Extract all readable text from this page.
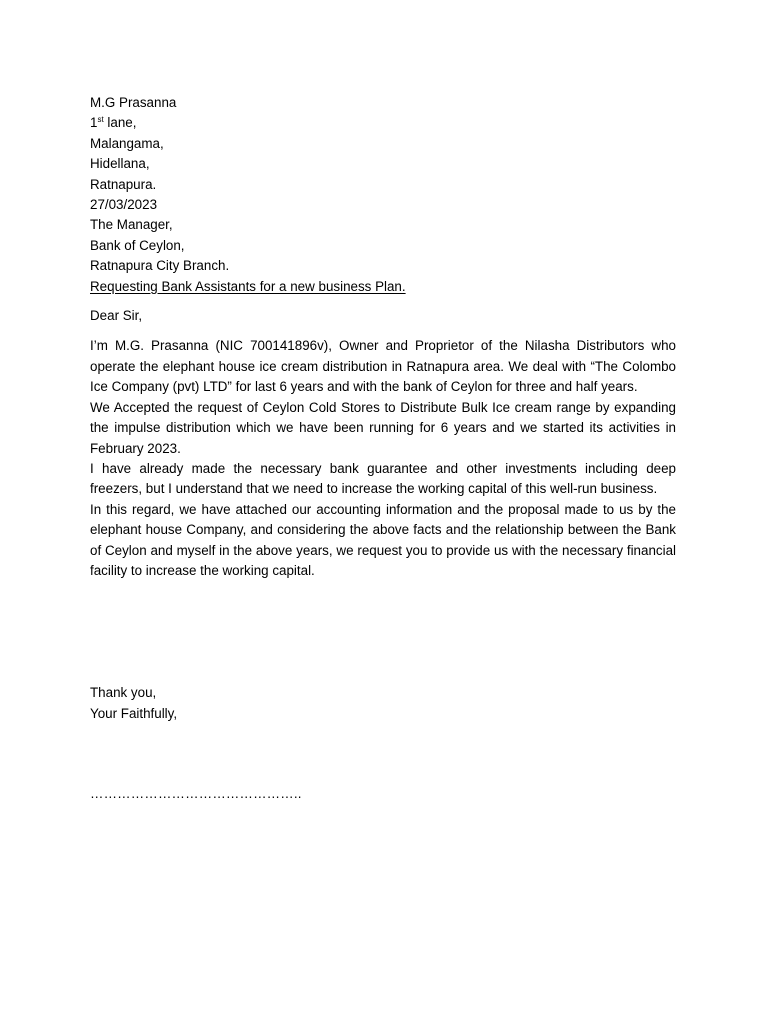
M.G Prasanna
1st lane,
Malangama,
Hidellana,
Ratnapura.
27/03/2023
The Manager,
Bank of Ceylon,
Ratnapura City Branch.
Requesting Bank Assistants for a new business Plan.
Dear Sir,

I’m M.G. Prasanna (NIC 700141896v), Owner and Proprietor of the Nilasha Distributors who operate the elephant house ice cream distribution in Ratnapura area. We deal with “The Colombo Ice Company (pvt) LTD” for last 6 years and with the bank of Ceylon for three and half years.

We Accepted the request of Ceylon Cold Stores to Distribute Bulk Ice cream range by expanding the impulse distribution which we have been running for 6 years and we started its activities in February 2023.

I have already made the necessary bank guarantee and other investments including deep freezers, but I understand that we need to increase the working capital of this well-run business.

In this regard, we have attached our accounting information and the proposal made to us by the elephant house Company, and considering the above facts and the relationship between the Bank of Ceylon and myself in the above years, we request you to provide us with the necessary financial facility to increase the working capital.

Thank you,
Your Faithfully,
………………………………………..
